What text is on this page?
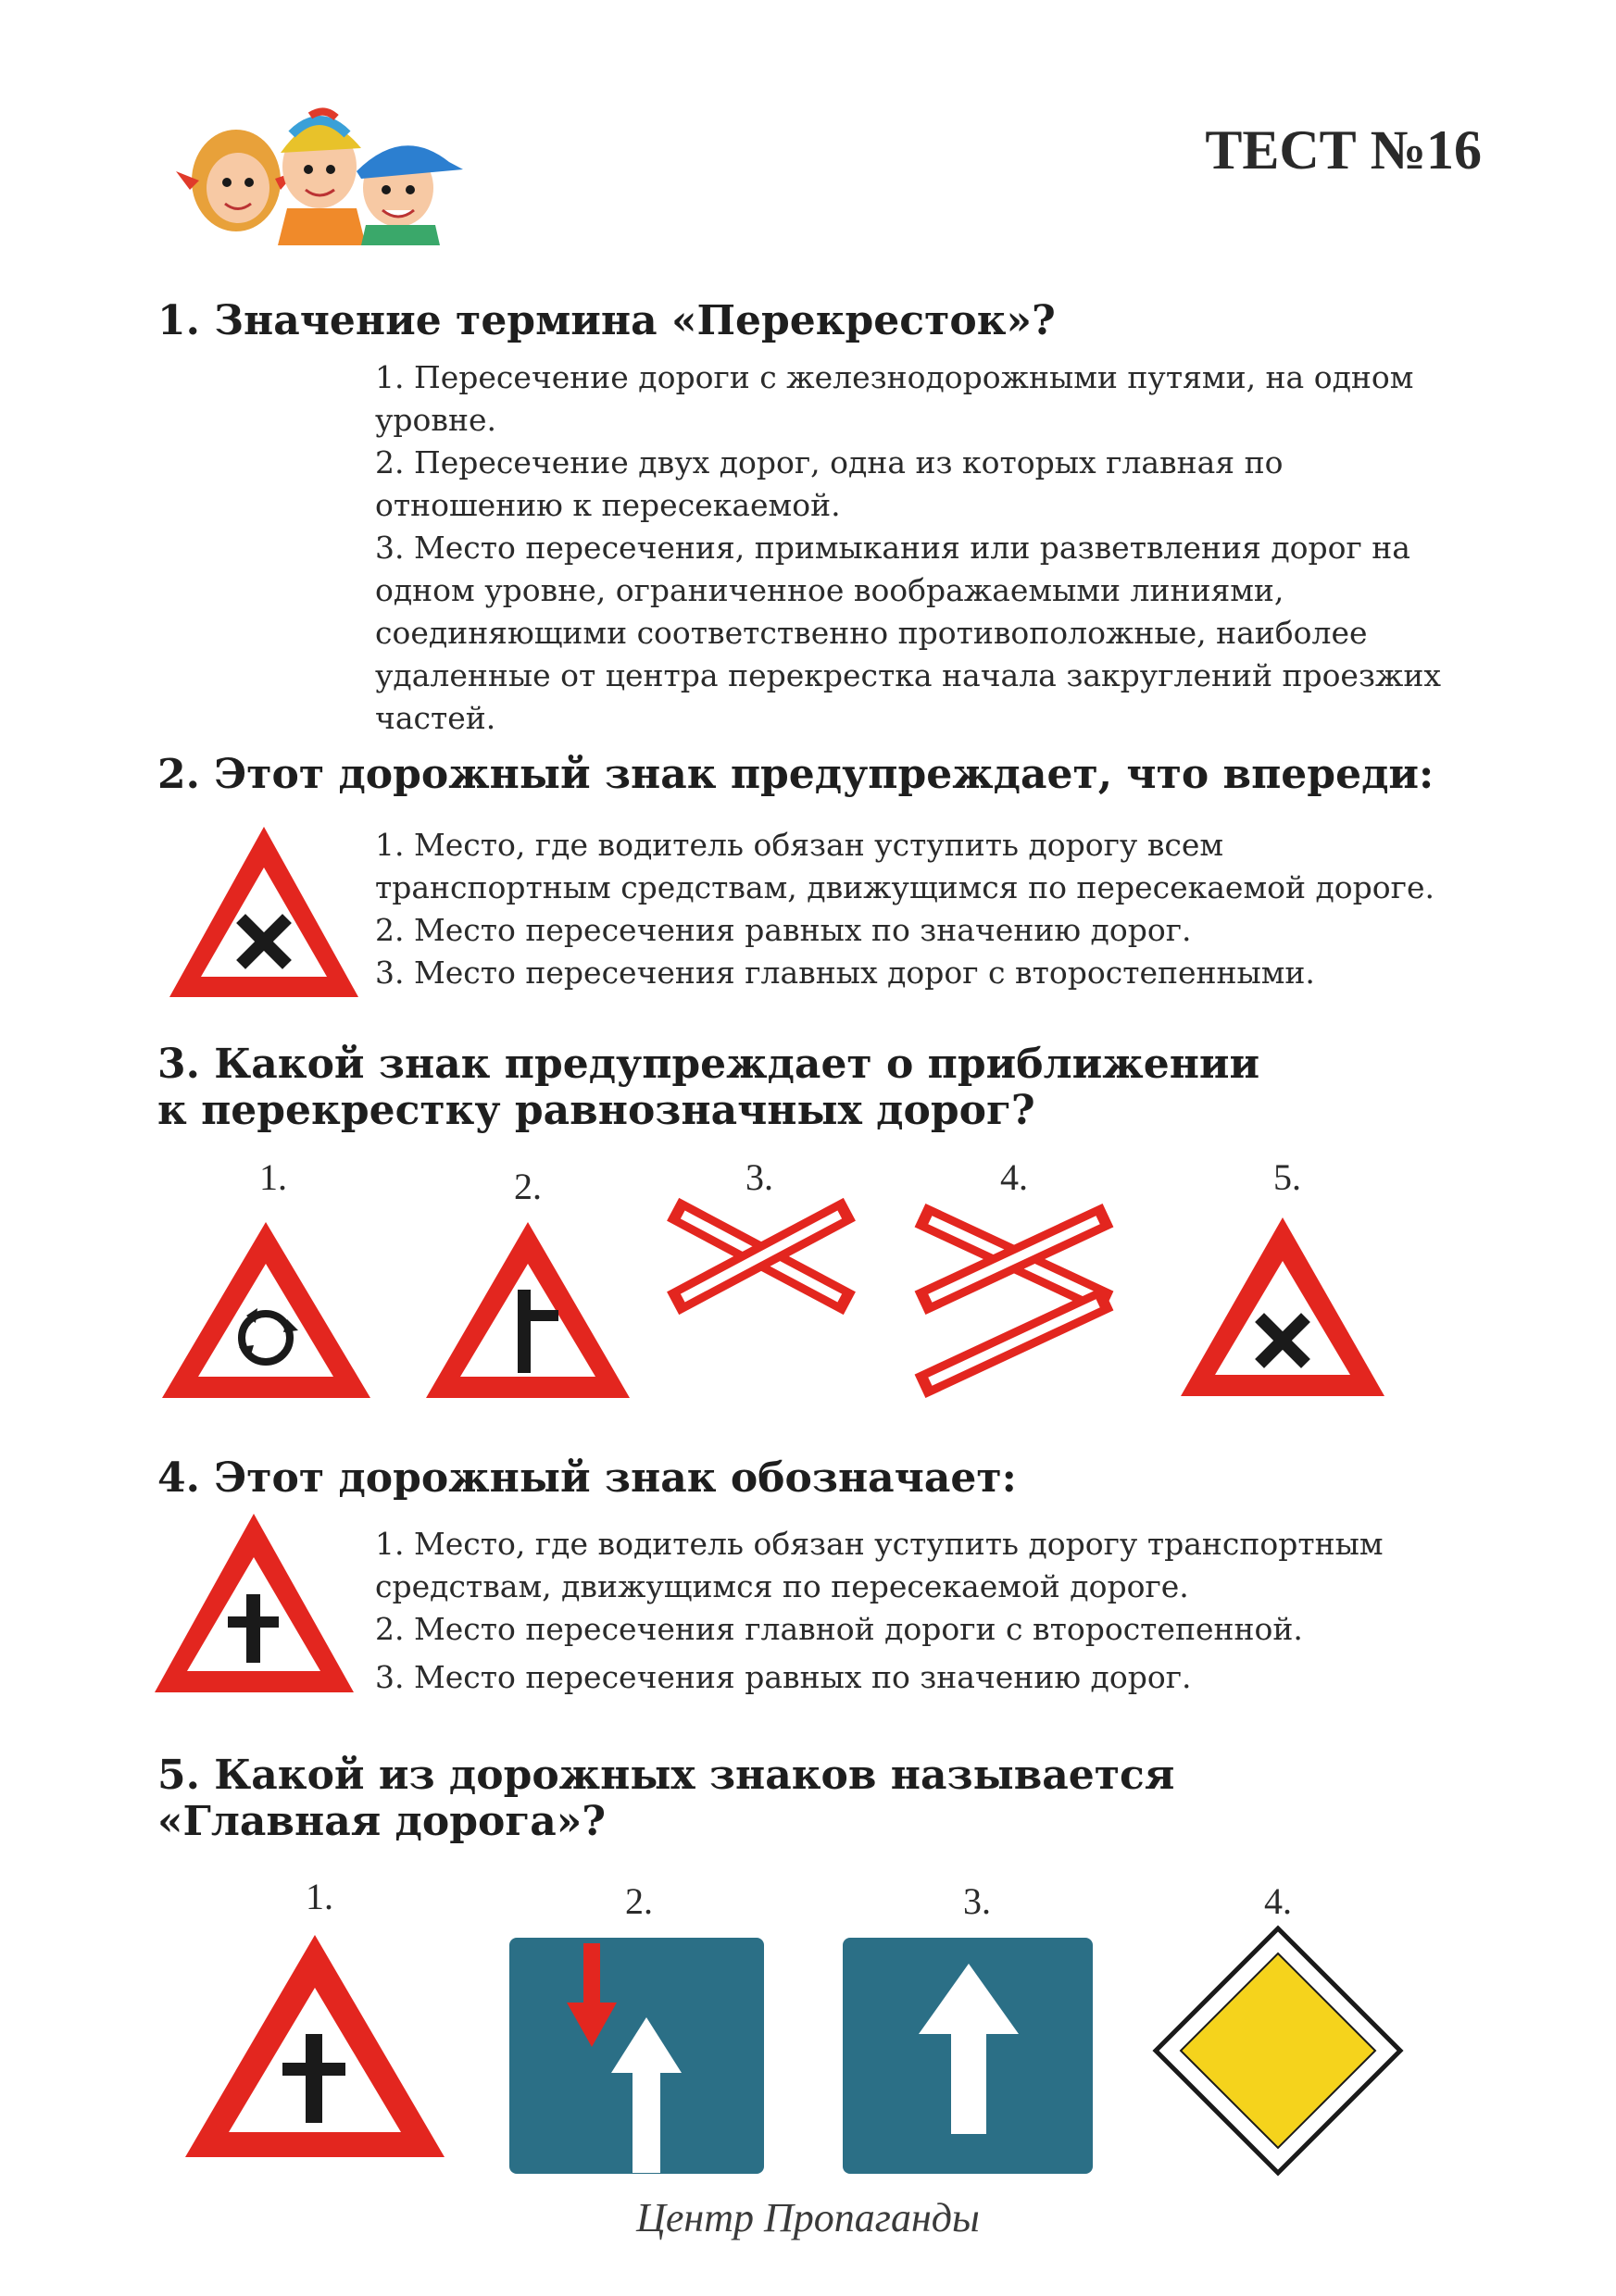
ТЕСТ №16
1. Значение термина «Перекресток»?

1. Пересечение дороги с железнодорожными путями, на одном уровне.

2. Пересечение двух дорог, одна из которых главная по отношению к пересекаемой.

3. Место пересечения, примыкания или разветвления дорог на одном уровне, ограниченное воображаемыми линиями, соединяющими соответственно противоположные, наиболее удаленные от центра перекрестка начала закруглений проезжих частей.

2. Этот дорожный знак предупреждает, что впереди:

1. Место, где водитель обязан уступить дорогу всем транспортным средствам, движущимся по пересекаемой дороге.

2. Место пересечения равных по значению дорог.

3. Место пересечения главных дорог с второстепенными.

3. Какой знак предупреждает о приближении
к перекрестку равнозначных дорог?
1.	2.	3.	4.	5.
4. Этот дорожный знак обозначает:

1. Место, где водитель обязан уступить дорогу транспортным средствам, движущимся по пересекаемой дороге.

2. Место пересечения главной дороги с второстепенной.

3. Место пересечения равных по значению дорог.

5. Какой из дорожных знаков называется
«Главная дорога»?
1.	2.	3.	4.
Центр Пропаганды
